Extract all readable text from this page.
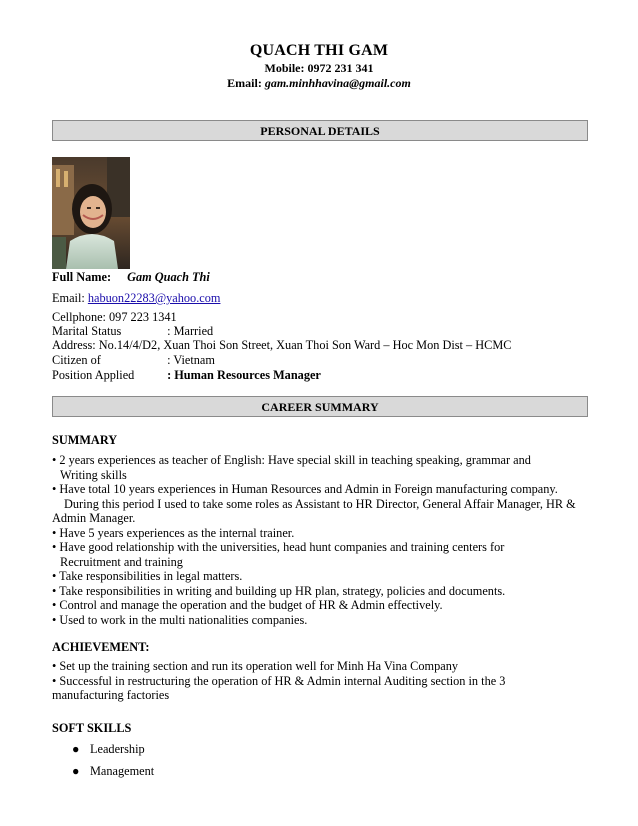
QUACH THI GAM
Mobile: 0972 231 341
Email: gam.minhhavina@gmail.com
PERSONAL DETAILS
Full Name: Gam Quach Thi
Email: habuon22283@yahoo.com
Cellphone: 097 223 1341
Marital Status	: Married
Address: No.14/4/D2, Xuan Thoi Son Street, Xuan Thoi Son Ward – Hoc Mon Dist – HCMC
Citizen of	: Vietnam
Position Applied	: Human Resources Manager
CAREER SUMMARY
SUMMARY
• 2 years experiences as teacher of English: Have special skill in teaching speaking, grammar and
Writing skills
• Have total 10 years experiences in Human Resources and Admin in Foreign manufacturing company.
During this period I used to take some roles as Assistant to HR Director, General Affair Manager, HR &
Admin Manager.
• Have 5 years experiences as the internal trainer.
• Have good relationship with the universities, head hunt companies and training centers for
Recruitment and training
• Take responsibilities in legal matters.
• Take responsibilities in writing and building up HR plan, strategy, policies and documents.
• Control and manage the operation and the budget of HR & Admin effectively.
• Used to work in the multi nationalities companies.
ACHIEVEMENT:
• Set up the training section and run its operation well for Minh Ha Vina Company
• Successful in restructuring the operation of HR & Admin internal Auditing section in the 3
manufacturing factories
SOFT SKILLS
● Leadership
● Management
